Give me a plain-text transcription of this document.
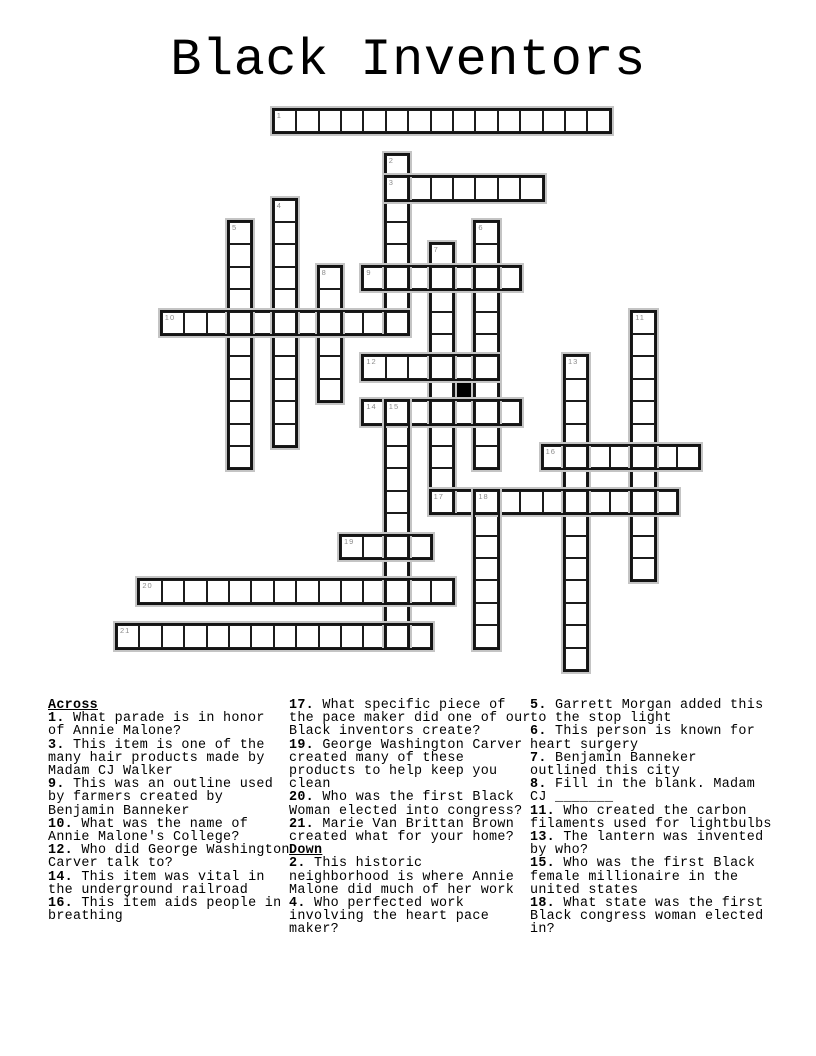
Black Inventors
1
2
3
4
5	6
7
17
8	9
10	11
12	13
14 15
16
18
19
20
21
Across
1. What parade is in honor
of Annie Malone?
3. This item is one of the
many hair products made by
Madam CJ Walker
9. This was an outline used
by farmers created by
Benjamin Banneker
10. What was the name of
Annie Malone's College?
12. Who did George Washington
Carver talk to?
14. This item was vital in
the underground railroad
16. This item aids people in
breathing
17. What specific piece of
the pace maker did one of our
Black inventors create?
19. George Washington Carver
created many of these
products to help keep you
clean
20. Who was the first Black
Woman elected into congress?
21. Marie Van Brittan Brown
created what for your home?
Down
2. This historic
neighborhood is where Annie
Malone did much of her work
4. Who perfected work
involving the heart pace
maker?
5. Garrett Morgan added this
to the stop light
6. This person is known for
heart surgery
7. Benjamin Banneker
outlined this city
8. Fill in the blank. Madam
CJ _______
11. Who created the carbon
filaments used for lightbulbs
13. The lantern was invented
by who?
15. Who was the first Black
female millionaire in the
united states
18. What state was the first
Black congress woman elected
in?
